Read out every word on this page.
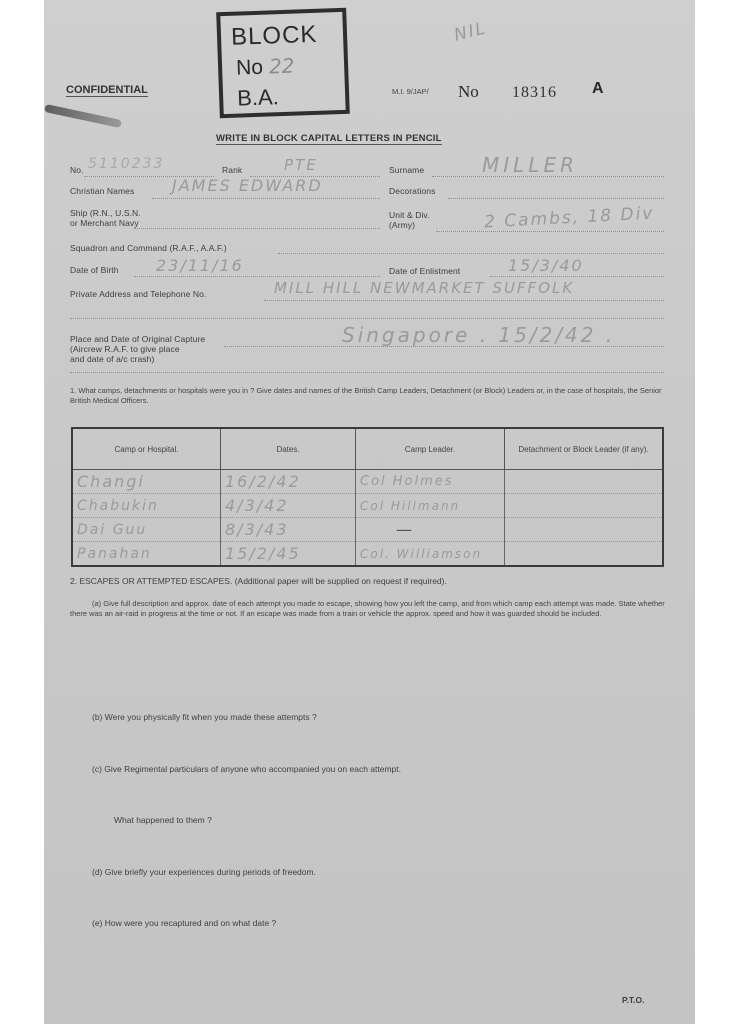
CONFIDENTIAL
BLOCK
No 22
B.A.
NIL
M.I. 9/JAP/ No 18316 A
WRITE IN BLOCK CAPITAL LETTERS IN PENCIL
No. 5110233	Rank	PTE	Surname	MILLER
Christian Names JAMES EDWARD	Decorations
Ship (R.N., U.S.N.
or Merchant Navy
Unit & Div.
(Army)	2 Cambs, 18 Div
Squadron and Command (R.A.F., A.A.F.)
Date of Birth 23/11/16	Date of Enlistment	15/3/40
Private Address and Telephone No.	MILL HILL NEWMARKET SUFFOLK
Place and Date of Original Capture
(Aircrew R.A.F. to give place
and date of a/c crash)
Singapore . 15/2/42 .
1. What camps, detachments or hospitals were you in ? Give dates and names of the British Camp Leaders, Detachment (or Block) Leaders or, in the case of hospitals, the Senior British Medical Officers.
Camp or Hospital.	Dates.	Camp Leader.	Detachment or Block Leader (if any).
Changi	16/2/42	Col Holmes	
Chabukin	4/3/42	Col Hillmann	
Dai Guu	8/3/43	—	
Panahan	15/2/45	Col. Williamson	
2. ESCAPES OR ATTEMPTED ESCAPES. (Additional paper will be supplied on request if required).
(a) Give full description and approx. date of each attempt you made to escape, showing how you left the camp, and from which camp each attempt was made. State whether there was an air-raid in progress at the time or not. If an escape was made from a train or vehicle the approx. speed and how it was guarded should be included.
(b) Were you physically fit when you made these attempts ?
(c) Give Regimental particulars of anyone who accompanied you on each attempt.
What happened to them ?
(d) Give briefly your experiences during periods of freedom.
(e) How were you recaptured and on what date ?
P.T.O.
